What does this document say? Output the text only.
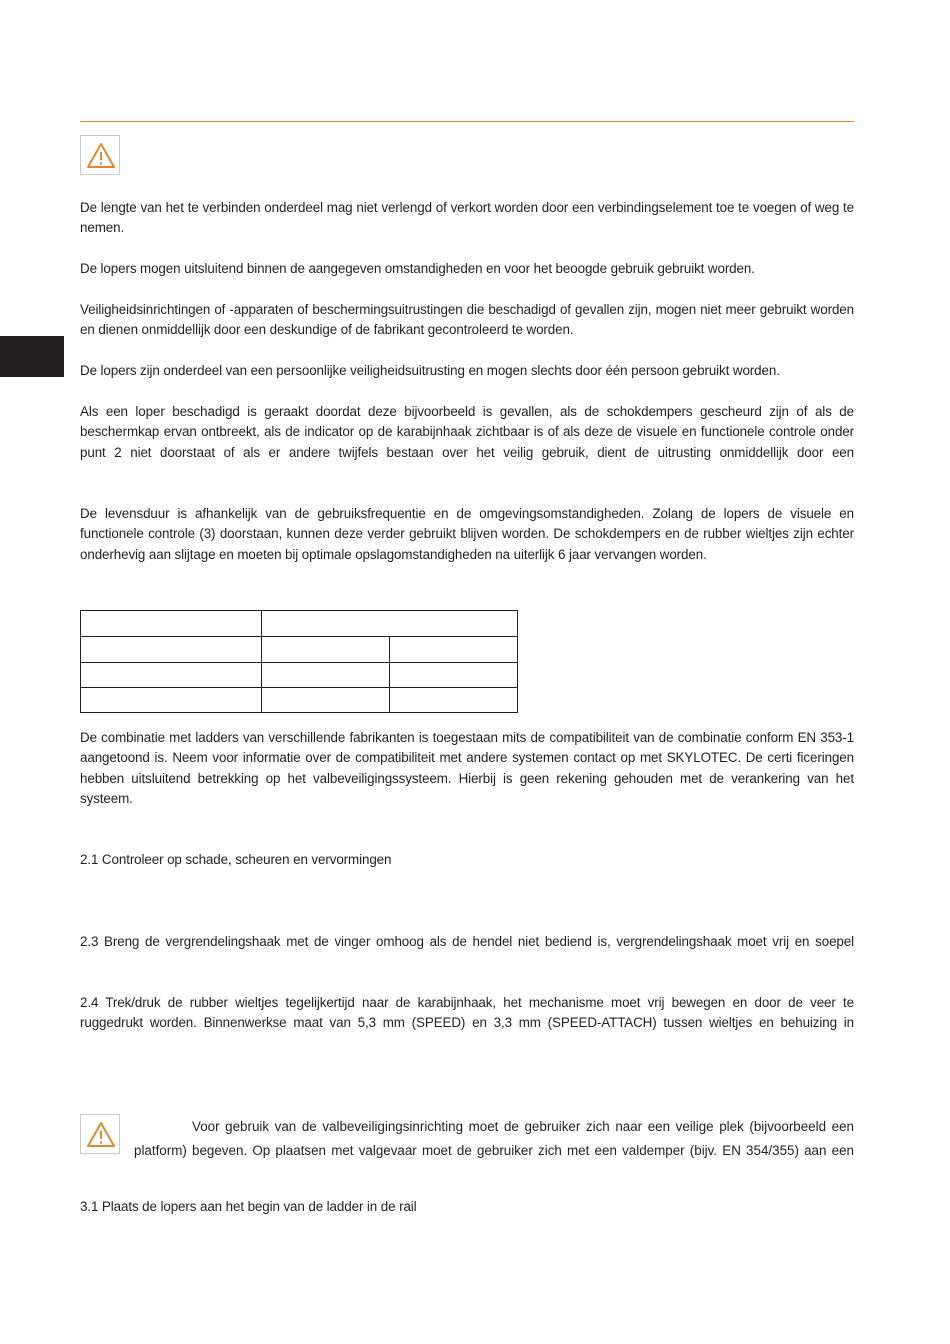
De lengte van het te verbinden onderdeel mag niet verlengd of verkort worden door een verbindingselement toe te voegen of weg te nemen.

De lopers mogen uitsluitend binnen de aangegeven omstandigheden en voor het beoogde gebruik gebruikt worden.

Veiligheidsinrichtingen of -apparaten of beschermingsuitrustingen die beschadigd of gevallen zijn, mogen niet meer gebruikt worden en dienen onmiddellijk door een deskundige of de fabrikant gecontroleerd te worden.

De lopers zijn onderdeel van een persoonlijke veiligheidsuitrusting en mogen slechts door één persoon gebruikt worden.

Als een loper beschadigd is geraakt doordat deze bijvoorbeeld is gevallen, als de schokdempers gescheurd zijn of als de beschermkap ervan ontbreekt, als de indicator op de karabijnhaak zichtbaar is of als deze de visuele en functionele controle onder punt 2 niet doorstaat of als er andere twijfels bestaan over het veilig gebruik, dient de uitrusting onmiddellijk door een

De levensduur is afhankelijk van de gebruiksfrequentie en de omgevingsomstandigheden. Zolang de lopers de visuele en functionele controle (3) doorstaan, kunnen deze verder gebruikt blijven worden. De schokdempers en de rubber wieltjes zijn echter onderhevig aan slijtage en moeten bij optimale opslagomstandigheden na uiterlijk 6 jaar vervangen worden.

De combinatie met ladders van verschillende fabrikanten is toegestaan mits de compatibiliteit van de combinatie conform EN 353-1 aangetoond is. Neem voor informatie over de compatibiliteit met andere systemen contact op met SKYLOTEC. De certi ficeringen hebben uitsluitend betrekking op het valbeveiligingssysteem. Hierbij is geen rekening gehouden met de verankering van het systeem.

2.1 Controleer op schade, scheuren en vervormingen

2.3 Breng de vergrendelingshaak met de vinger omhoog als de hendel niet bediend is, vergrendelingshaak moet vrij en soepel

2.4 Trek/druk de rubber wieltjes tegelijkertijd naar de karabijnhaak, het mechanisme moet vrij bewegen en door de veer te ruggedrukt worden. Binnenwerkse maat van 5,3 mm (SPEED) en 3,3 mm (SPEED-ATTACH) tussen wieltjes en behuizing in

Voor gebruik van de valbeveiligingsinrichting moet de gebruiker zich naar een veilige plek (bijvoorbeeld een platform) begeven. Op plaatsen met valgevaar moet de gebruiker zich met een valdemper (bijv. EN 354/355) aan een

3.1 Plaats de lopers aan het begin van de ladder in de rail
